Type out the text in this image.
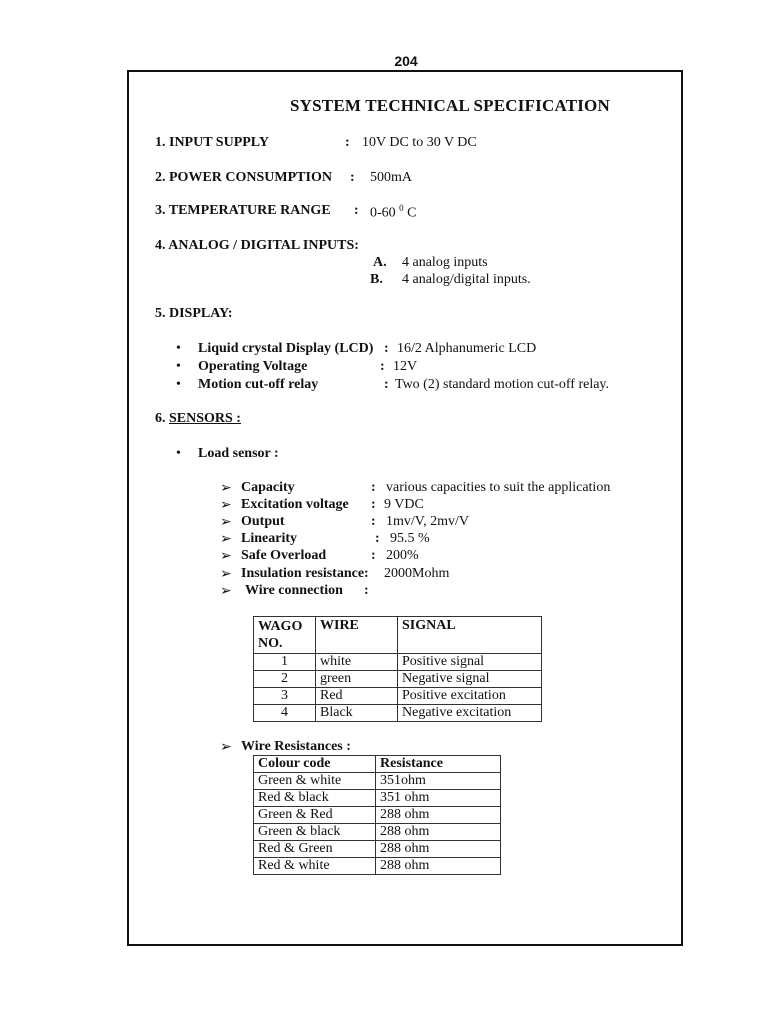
204
SYSTEM TECHNICAL SPECIFICATION
1. INPUT SUPPLY	: 10V DC to 30 V DC
2. POWER CONSUMPTION : 500mA
3. TEMPERATURE RANGE : 0-60 $^0$ C
4. ANALOG / DIGITAL INPUTS:
A. 4 analog inputs
B. 4 analog/digital inputs.
5. DISPLAY:
• Liquid crystal Display (LCD) : 16/2 Alphanumeric LCD
• Operating Voltage	: 12V
• Motion cut-off relay	: Two (2) standard motion cut-off relay.
6. SENSORS :
• Load sensor :
➢ Capacity	: various capacities to suit the application
➢ Excitation voltage : 9 VDC
➢ Output	: 1mv/V, 2mv/V
➢ Linearity	: 95.5 %
➢ Safe Overload	: 200%
➢ Insulation resistance: 2000Mohm
➢ Wire connection :
WAGO NO.	WIRE	SIGNAL
1	white	Positive signal
2	green	Negative signal
3	Red	Positive excitation
4	Black	Negative excitation
➢ Wire Resistances :
Colour code	Resistance
Green & white	351ohm
Red & black	351 ohm
Green & Red	288 ohm
Green & black	288 ohm
Red & Green	288 ohm
Red & white	288 ohm
